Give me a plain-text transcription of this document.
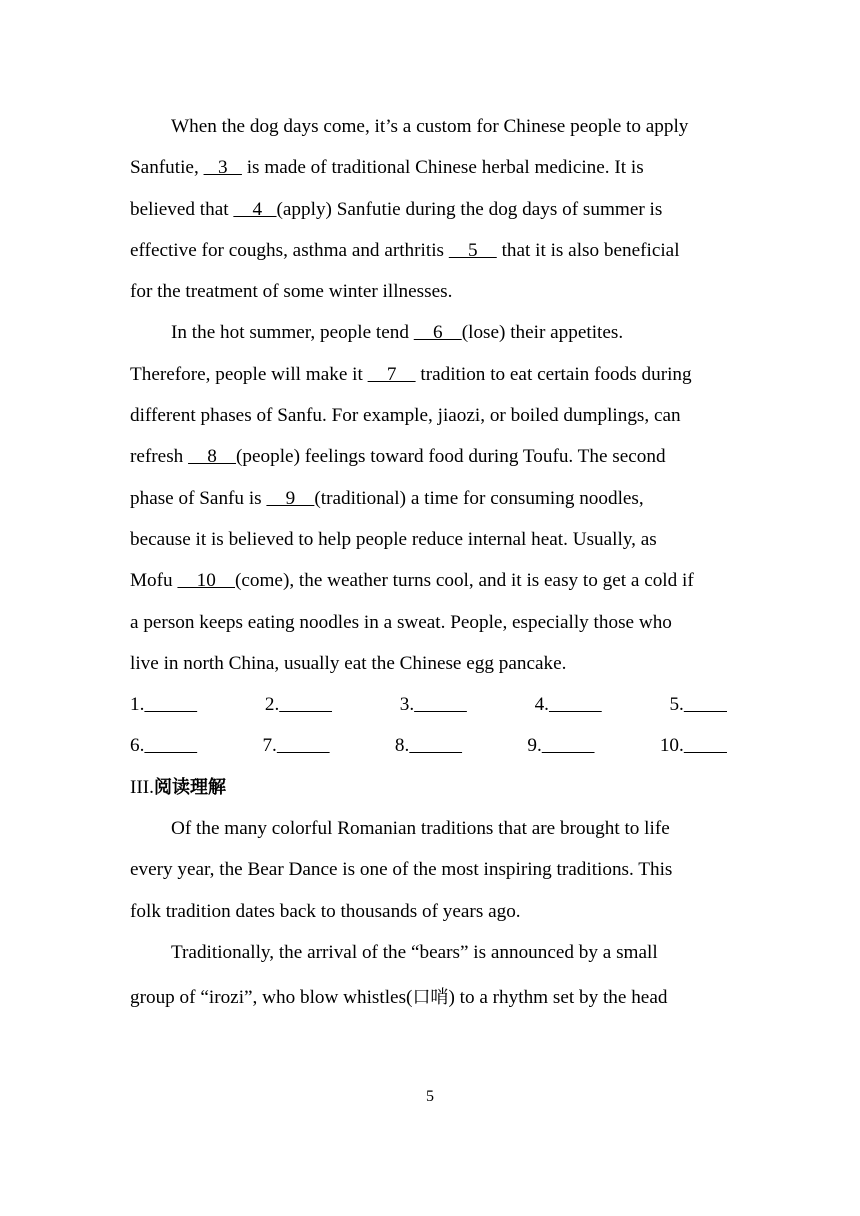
When the dog days come, it’s a custom for Chinese people to apply
Sanfutie,    3    is made of traditional Chinese herbal medicine. It is
believed that     4   (apply) Sanfutie during the dog days of summer is
effective for coughs, asthma and arthritis     5     that it is also beneficial
for the treatment of some winter illnesses.
In the hot summer, people tend     6    (lose) their appetites.
Therefore, people will make it     7     tradition to eat certain foods during
different phases of Sanfu. For example, jiaozi, or boiled dumplings, can
refresh     8    (people) feelings toward food during Toufu. The second
phase of Sanfu is     9    (traditional) a time for consuming noodles,
because it is believed to help people reduce internal heat. Usually, as
Mofu     10    (come), the weather turns cool, and it is easy to get a cold if
a person keeps eating noodles in a sweat. People, especially those who
live in north China, usually eat the Chinese egg pancake.
1.	2.	3.	4.	5.
6.	7.	8.	9.	10.
III.阅读理解
Of the many colorful Romanian traditions that are brought to life
every year, the Bear Dance is one of the most inspiring traditions. This
folk tradition dates back to thousands of years ago.
Traditionally, the arrival of the “bears” is announced by a small
group of “irozi”, who blow whistles(口哨) to a rhythm set by the head
5
